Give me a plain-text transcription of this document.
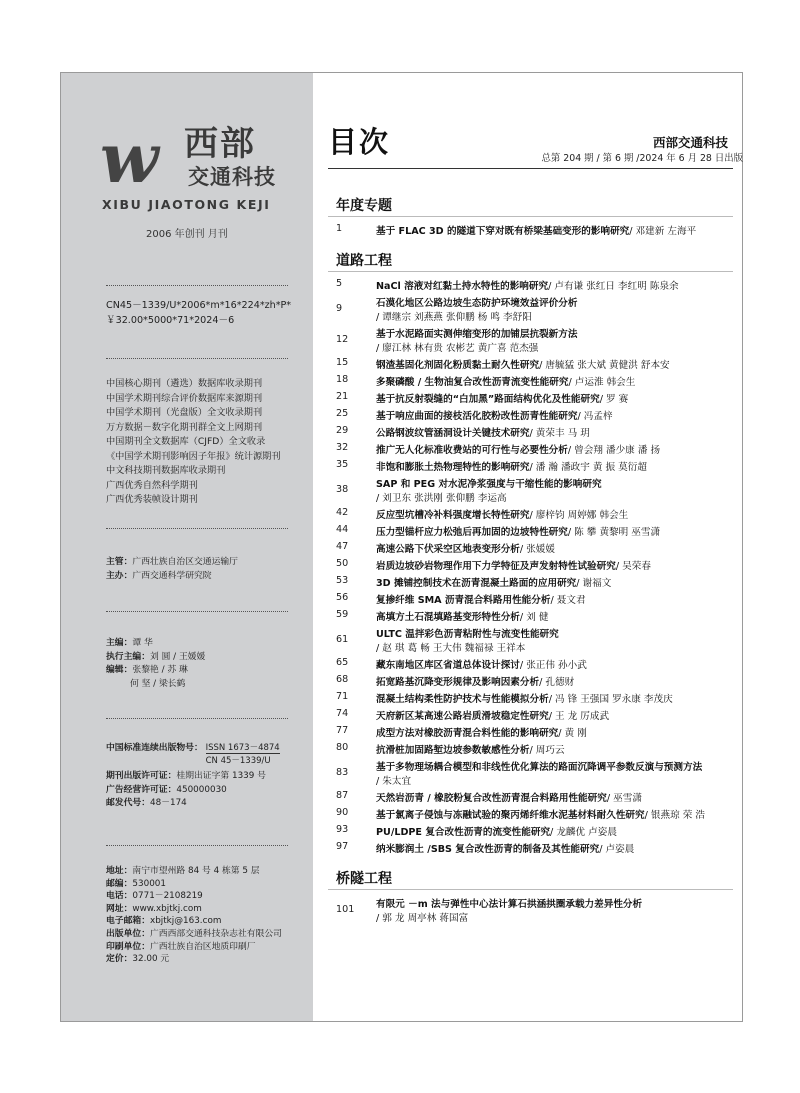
w 西部
交通科技
XIBU JIAOTONG KEJI
2006 年创刊 月刊
CN45－1339/U*2006*m*16*224*zh*P*
￥32.00*5000*71*2024－6
中国核心期刊（遴选）数据库收录期刊
中国学术期刊综合评价数据库来源期刊
中国学术期刊（光盘版）全文收录期刊
万方数据－数字化期刊群全文上网期刊
中国期刊全文数据库（CJFD）全文收录
《中国学术期刊影响因子年报》统计源期刊
中文科技期刊数据库收录期刊
广西优秀自然科学期刊
广西优秀装帧设计期刊
主管：广西壮族自治区交通运输厅
主办：广西交通科学研究院
主编：谭 华
执行主编：刘 圆 / 王媛媛
编辑：张黎艳 / 苏 琳
何 坚 / 梁长鹤
中国标准连续出版物号： ISSN 1673－4874
CN 45－1339/U
期刊出版许可证：桂期出证字第 1339 号
广告经营许可证：450000030
邮发代号：48－174
地址：南宁市望州路 84 号 4 栋第 5 层
邮编：530001
电话：0771－2108219
网址：www.xbjtkj.com
电子邮箱：xbjtkj@163.com
出版单位：广西西部交通科技杂志社有限公司
印刷单位：广西壮族自治区地质印刷厂
定价：32.00 元
目次	西部交通科技
总第 204 期 / 第 6 期 /2024 年 6 月 28 日出版
年度专题
1	基于 FLAC 3D 的隧道下穿对既有桥梁基础变形的影响研究/ 邓建新 左海平
道路工程
5	NaCl 溶液对红黏土持水特性的影响研究/ 卢有谦 张红日 李红明 陈泉余
9	石漠化地区公路边坡生态防护环境效益评价分析
/ 谭继宗 刘燕燕 张仰鹏 杨 鸣 李舒阳
12	基于水泥路面实测伸缩变形的加铺层抗裂新方法
/ 廖江林 林有贵 农彬艺 黄广喜 范杰强
15	钢渣基固化剂固化粉质黏土耐久性研究/ 唐毓猛 张大斌 黄健洪 舒本安
18	多聚磷酸 / 生物油复合改性沥青流变性能研究/ 卢运淮 韩会生
21	基于抗反射裂缝的“白加黑”路面结构优化及性能研究/ 罗 赛
25	基于响应曲面的接枝活化胶粉改性沥青性能研究/ 冯孟梓
29	公路钢波纹管涵洞设计关键技术研究/ 黄荣丰 马 玥
32	推广无人化标准收费站的可行性与必要性分析/ 曾会翔 潘少康 潘 扬
35	非饱和膨胀土热物理特性的影响研究/ 潘 瀚 潘政宇 黄 振 莫衍超
38	SAP 和 PEG 对水泥净浆强度与干缩性能的影响研究
/ 刘卫东 张洪刚 张仰鹏 李运高
42	反应型坑槽冷补料强度增长特性研究/ 廖梓钧 周婷娜 韩会生
44	压力型锚杆应力松弛后再加固的边坡特性研究/ 陈 攀 黄黎明 巫雪潇
47	高速公路下伏采空区地表变形分析/ 张媛媛
50	岩质边坡砂岩物理作用下力学特征及声发射特性试验研究/ 吴荣春
53	3D 摊铺控制技术在沥青混凝土路面的应用研究/ 谢福文
56	复掺纤维 SMA 沥青混合料路用性能分析/ 聂文君
59	高填方土石混填路基变形特性分析/ 刘 健
61	ULTC 温拌彩色沥青粘附性与流变性能研究
/ 赵 琪 葛 畅 王大伟 魏福禄 王祥本
65	藏东南地区库区省道总体设计探讨/ 张正伟 孙小武
68	拓宽路基沉降变形规律及影响因素分析/ 孔德财
71	混凝土结构柔性防护技术与性能模拟分析/ 冯 锋 王强国 罗永康 李茂庆
74	天府新区某高速公路岩质滑坡稳定性研究/ 王 龙 厉成武
77	成型方法对橡胶沥青混合料性能的影响研究/ 黄 刚
80	抗滑桩加固路堑边坡参数敏感性分析/ 周巧云
83	基于多物理场耦合模型和非线性优化算法的路面沉降调平参数反演与预测方法
/ 朱太宜
87	天然岩沥青 / 橡胶粉复合改性沥青混合料路用性能研究/ 巫雪潇
90	基于氯离子侵蚀与冻融试验的聚丙烯纤维水泥基材料耐久性研究/ 银燕琼 荣 浩
93	PU/LDPE 复合改性沥青的流变性能研究/ 龙麟优 卢姿晨
97	纳米膨润土 /SBS 复合改性沥青的制备及其性能研究/ 卢姿晨
桥隧工程
101 有限元 －m 法与弹性中心法计算石拱涵拱圈承载力差异性分析
/ 郭 龙 周亭林 蒋国富
